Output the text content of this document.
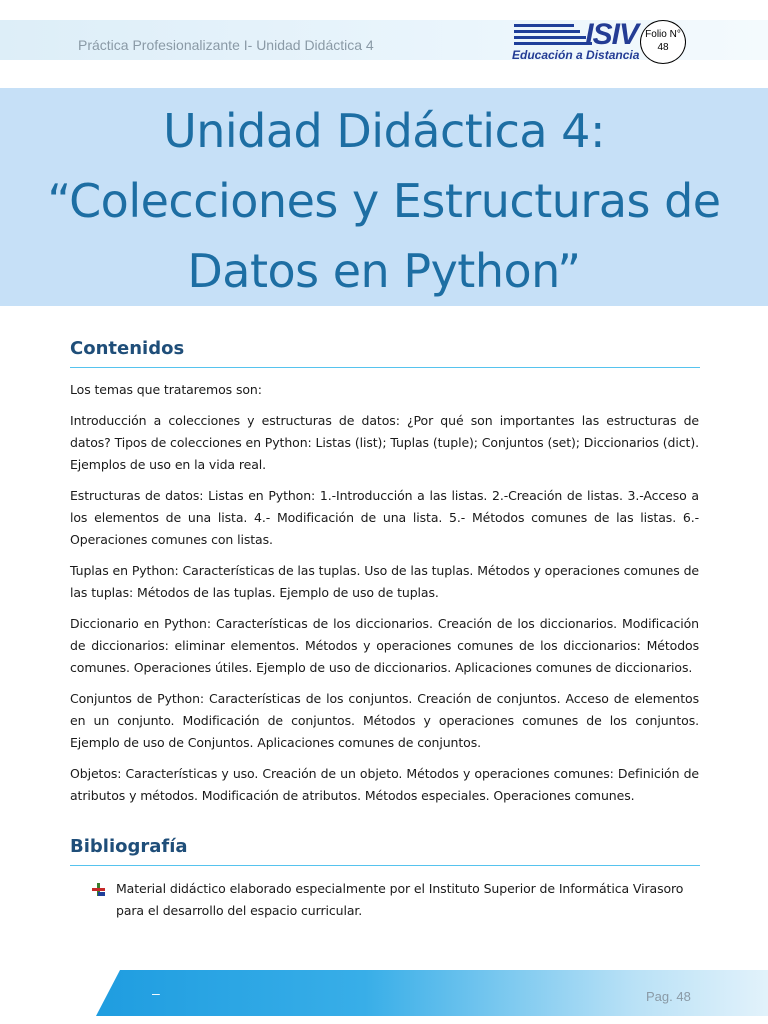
Práctica Profesionalizante I- Unidad Didáctica 4	ISIV
Educación a Distancia
Folio N°
48
Unidad Didáctica 4:
“Colecciones y Estructuras de
Datos en Python”
Contenidos

Los temas que trataremos son:

Introducción a colecciones y estructuras de datos: ¿Por qué son importantes las estructuras de datos? Tipos de colecciones en Python: Listas (list); Tuplas (tuple); Conjuntos (set); Diccionarios (dict). Ejemplos de uso en la vida real.

Estructuras de datos: Listas en Python: 1.-Introducción a las listas. 2.-Creación de listas. 3.-Acceso a los elementos de una lista. 4.- Modificación de una lista. 5.- Métodos comunes de las listas. 6.- Operaciones comunes con listas.

Tuplas en Python: Características de las tuplas. Uso de las tuplas. Métodos y operaciones comunes de las tuplas: Métodos de las tuplas. Ejemplo de uso de tuplas.

Diccionario en Python: Características de los diccionarios. Creación de los diccionarios. Modificación de diccionarios: eliminar elementos. Métodos y operaciones comunes de los diccionarios: Métodos comunes. Operaciones útiles. Ejemplo de uso de diccionarios. Aplicaciones comunes de diccionarios.

Conjuntos de Python: Características de los conjuntos. Creación de conjuntos. Acceso de elementos en un conjunto. Modificación de conjuntos. Métodos y operaciones comunes de los conjuntos. Ejemplo de uso de Conjuntos. Aplicaciones comunes de conjuntos.

Objetos: Características y uso. Creación de un objeto. Métodos y operaciones comunes: Definición de atributos y métodos. Modificación de atributos. Métodos especiales. Operaciones comunes.

Bibliografía
Material didáctico elaborado especialmente por el Instituto Superior de Informática Virasoro para el desarrollo del espacio curricular.
–	Pag. 48
